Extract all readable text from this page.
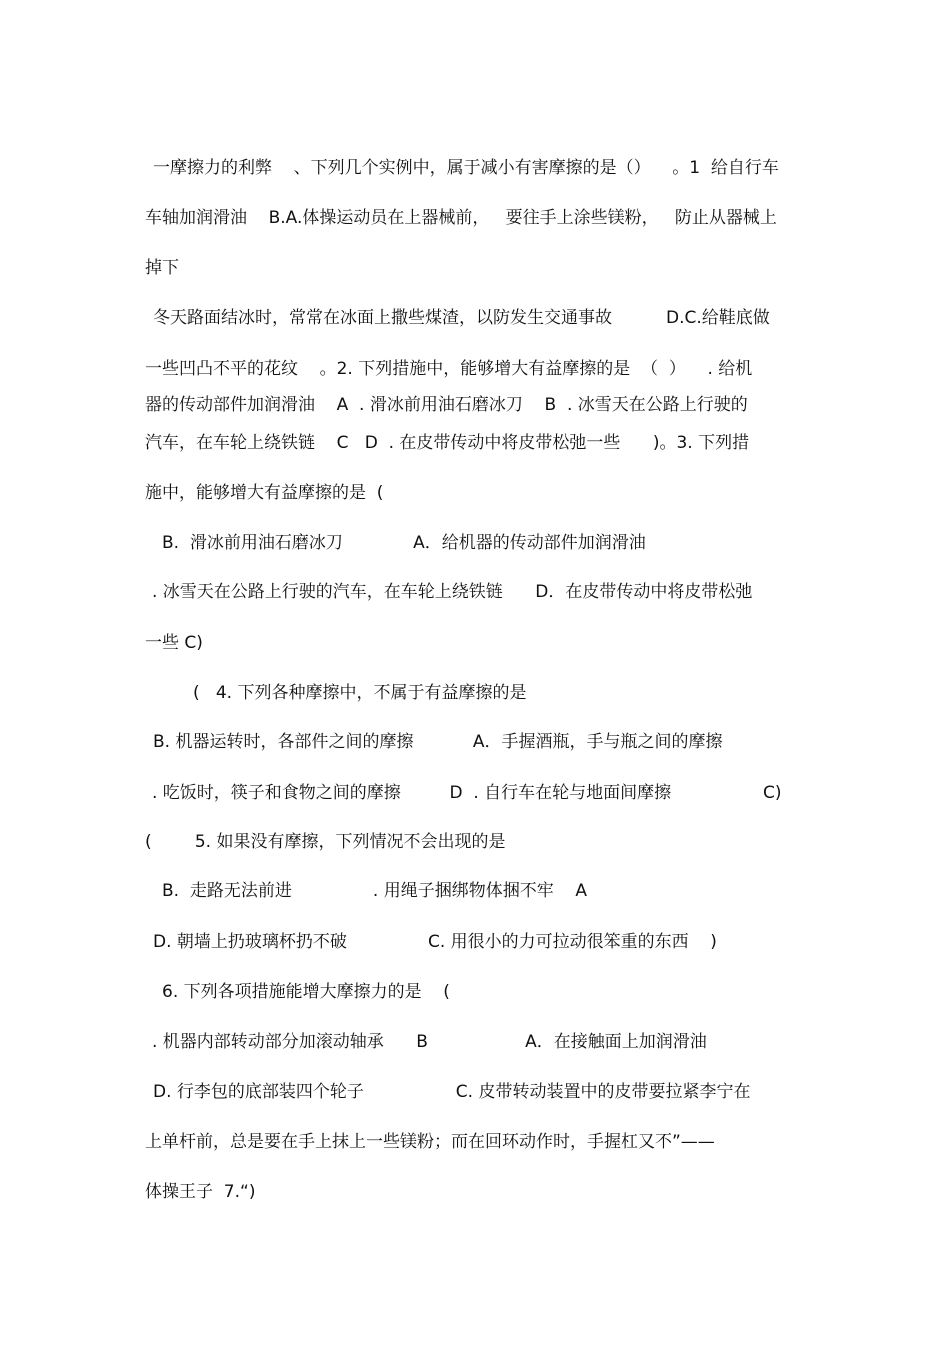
一摩擦力的利弊    、下列几个实例中，属于减小有害摩擦的是（）    。1  给自行车
车轴加润滑油    B.A.体操运动员在上器械前，   要往手上涂些镁粉，   防止从器械上
掉下
冬天路面结冰时，常常在冰面上撒些煤渣，以防发生交通事故          D.C.给鞋底做
一些凹凸不平的花纹    。2. 下列措施中，能够增大有益摩擦的是  （  ）    . 给机
器的传动部件加润滑油    A  . 滑冰前用油石磨冰刀    B  . 冰雪天在公路上行驶的
汽车，在车轮上绕铁链    C   D  . 在皮带传动中将皮带松弛一些      )。3. 下列措
施中，能够增大有益摩擦的是  (
B.  滑冰前用油石磨冰刀             A．给机器的传动部件加润滑油
. 冰雪天在公路上行驶的汽车，在车轮上绕铁链      D．在皮带传动中将皮带松弛
一些 C)
(   4. 下列各种摩擦中，不属于有益摩擦的是
B. 机器运转时，各部件之间的摩擦           A．手握酒瓶，手与瓶之间的摩擦
. 吃饭时，筷子和食物之间的摩擦         D  . 自行车在轮与地面间摩擦                 C)
(        5. 如果没有摩擦，下列情况不会出现的是
B.  走路无法前进               . 用绳子捆绑物体捆不牢    A
D. 朝墙上扔玻璃杯扔不破               C. 用很小的力可拉动很笨重的东西    )
6. 下列各项措施能增大摩擦力的是    (
. 机器内部转动部分加滚动轴承      B                  A．在接触面上加润滑油
D. 行李包的底部装四个轮子                 C. 皮带转动装置中的皮带要拉紧李宁在
上单杆前，总是要在手上抹上一些镁粉；而在回环动作时，手握杠又不”——
体操王子  7.“)
